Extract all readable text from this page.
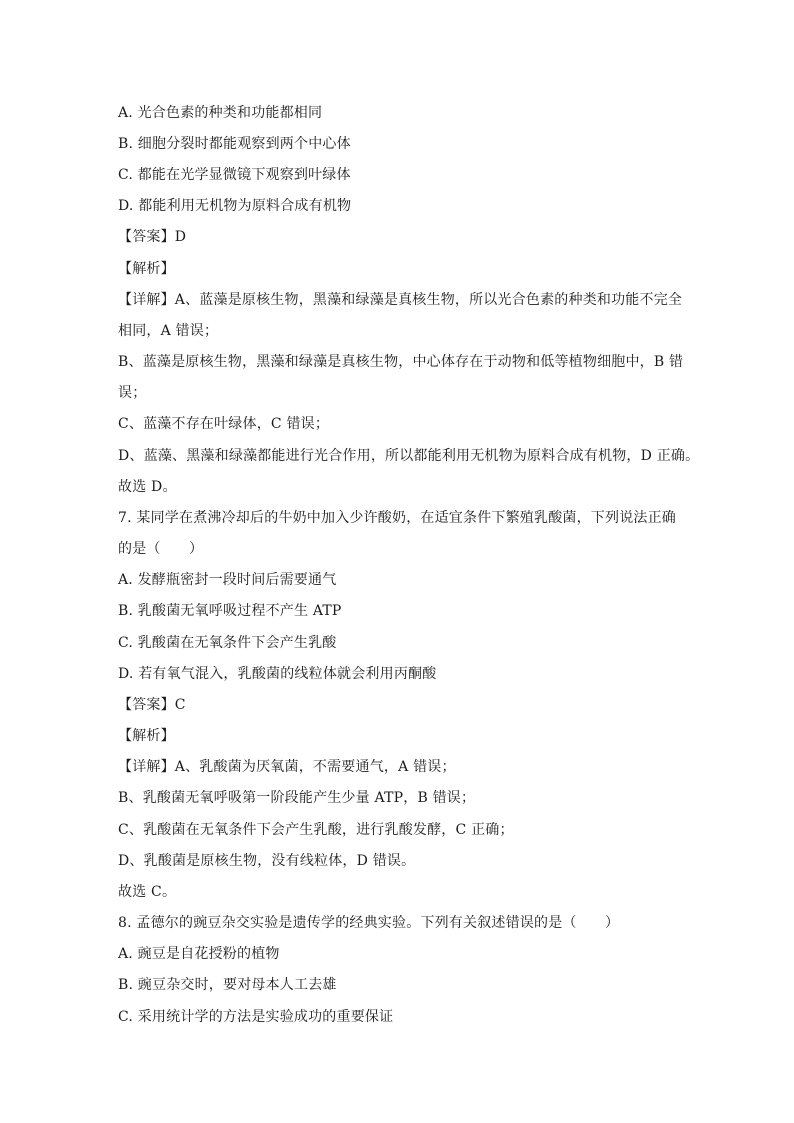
A. 光合色素的种类和功能都相同
B. 细胞分裂时都能观察到两个中心体
C. 都能在光学显微镜下观察到叶绿体
D. 都能利用无机物为原料合成有机物
【答案】D
【解析】
【详解】A、蓝藻是原核生物，黑藻和绿藻是真核生物，所以光合色素的种类和功能不完全
相同，A 错误；
B、蓝藻是原核生物，黑藻和绿藻是真核生物，中心体存在于动物和低等植物细胞中，B 错
误；
C、蓝藻不存在叶绿体，C 错误；
D、蓝藻、黑藻和绿藻都能进行光合作用，所以都能利用无机物为原料合成有机物，D 正确。
故选 D。
7. 某同学在煮沸冷却后的牛奶中加入少许酸奶，在适宜条件下繁殖乳酸菌，下列说法正确
的是（　　）
A. 发酵瓶密封一段时间后需要通气
B. 乳酸菌无氧呼吸过程不产生 ATP
C. 乳酸菌在无氧条件下会产生乳酸
D. 若有氧气混入，乳酸菌的线粒体就会利用丙酮酸
【答案】C
【解析】
【详解】A、乳酸菌为厌氧菌，不需要通气，A 错误；
B、乳酸菌无氧呼吸第一阶段能产生少量 ATP，B 错误；
C、乳酸菌在无氧条件下会产生乳酸，进行乳酸发酵，C 正确；
D、乳酸菌是原核生物，没有线粒体，D 错误。
故选 C。
8. 孟德尔的豌豆杂交实验是遗传学的经典实验。下列有关叙述错误的是（　　）
A. 豌豆是自花授粉的植物
B. 豌豆杂交时，要对母本人工去雄
C. 采用统计学的方法是实验成功的重要保证
